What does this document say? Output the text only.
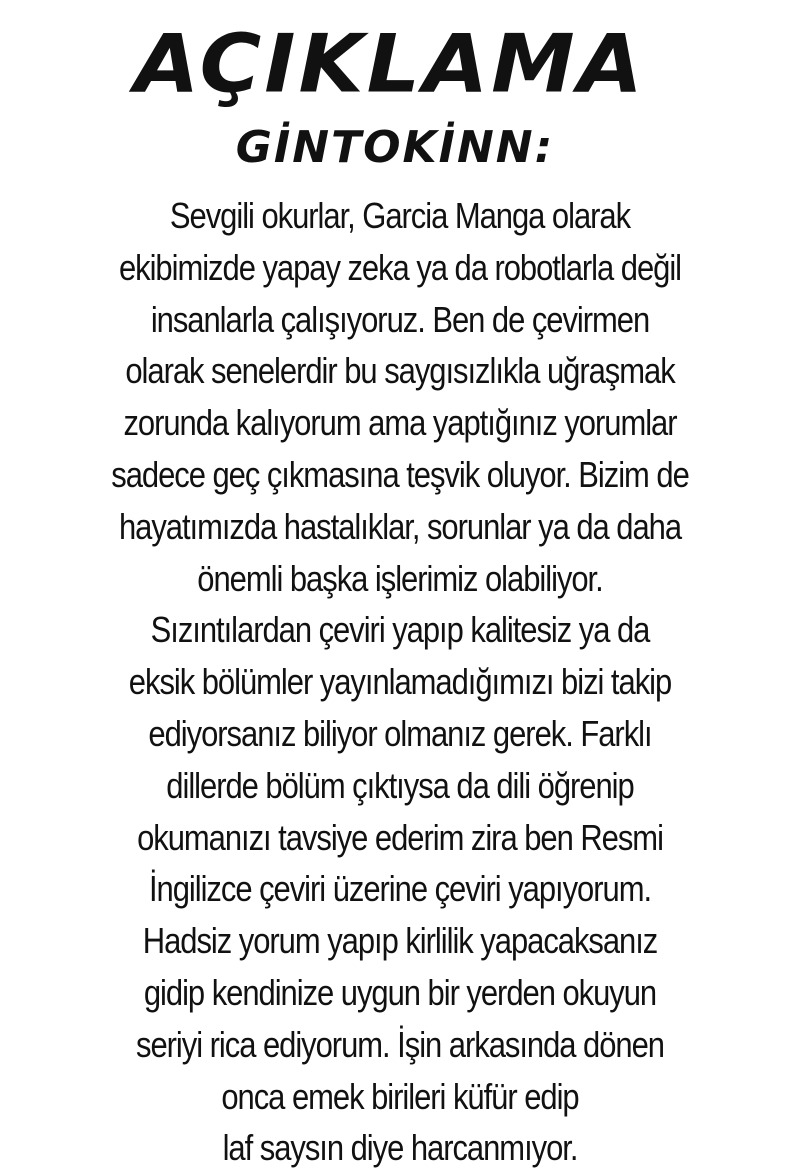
AÇIKLAMA
GİNTOKİNN:
Sevgili okurlar, Garcia Manga olarak
ekibimizde yapay zeka ya da robotlarla değil
insanlarla çalışıyoruz. Ben de çevirmen
olarak senelerdir bu saygısızlıkla uğraşmak
zorunda kalıyorum ama yaptığınız yorumlar
sadece geç çıkmasına teşvik oluyor. Bizim de
hayatımızda hastalıklar, sorunlar ya da daha
önemli başka işlerimiz olabiliyor.
Sızıntılardan çeviri yapıp kalitesiz ya da
eksik bölümler yayınlamadığımızı bizi takip
ediyorsanız biliyor olmanız gerek. Farklı
dillerde bölüm çıktıysa da dili öğrenip
okumanızı tavsiye ederim zira ben Resmi
İngilizce çeviri üzerine çeviri yapıyorum.
Hadsiz yorum yapıp kirlilik yapacaksanız
gidip kendinize uygun bir yerden okuyun
seriyi rica ediyorum. İşin arkasında dönen
onca emek birileri küfür edip
laf saysın diye harcanmıyor.
